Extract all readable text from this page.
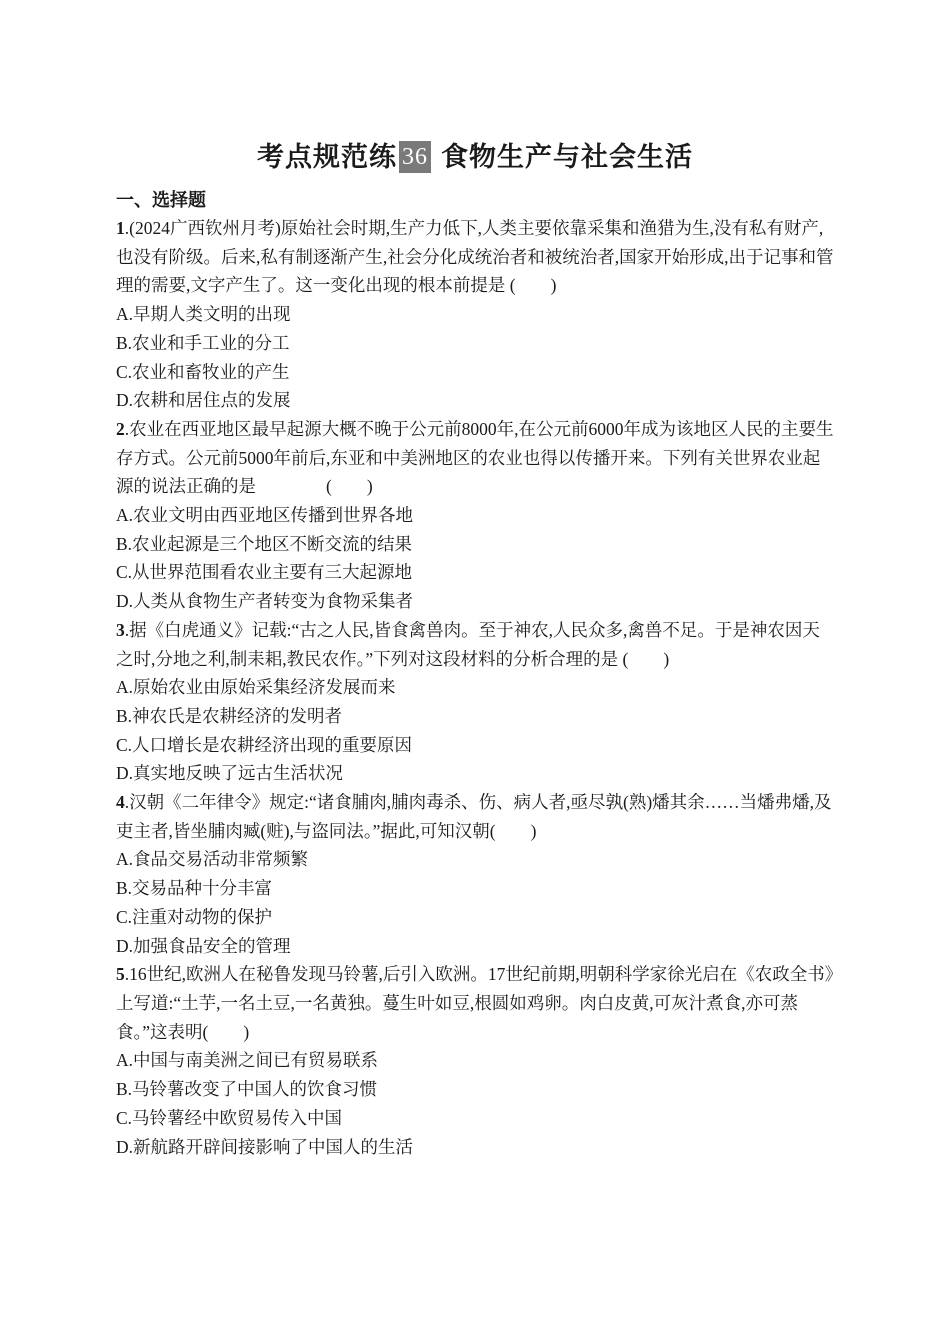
考点规范练 36 食物生产与社会生活
一、选择题

1.(2024广西钦州月考)原始社会时期,生产力低下,人类主要依靠采集和渔猎为生,没有私有财产,也没有阶级。后来,私有制逐渐产生,社会分化成统治者和被统治者,国家开始形成,出于记事和管理的需要,文字产生了。这一变化出现的根本前提是 (　　)

A.早期人类文明的出现

B.农业和手工业的分工

C.农业和畜牧业的产生

D.农耕和居住点的发展

2.农业在西亚地区最早起源大概不晚于公元前8000年,在公元前6000年成为该地区人民的主要生存方式。公元前5000年前后,东亚和中美洲地区的农业也得以传播开来。下列有关世界农业起源的说法正确的是　　　　(　　)

A.农业文明由西亚地区传播到世界各地

B.农业起源是三个地区不断交流的结果

C.从世界范围看农业主要有三大起源地

D.人类从食物生产者转变为食物采集者

3.据《白虎通义》记载:“古之人民,皆食禽兽肉。至于神农,人民众多,禽兽不足。于是神农因天之时,分地之利,制耒耜,教民农作。”下列对这段材料的分析合理的是 (　　)

A.原始农业由原始采集经济发展而来

B.神农氏是农耕经济的发明者

C.人口增长是农耕经济出现的重要原因

D.真实地反映了远古生活状况

4.汉朝《二年律令》规定:“诸食脯肉,脯肉毒杀、伤、病人者,亟尽孰(熟)燔其余……当燔弗燔,及吏主者,皆坐脯肉臧(赃),与盗同法。”据此,可知汉朝(　　)

A.食品交易活动非常频繁

B.交易品种十分丰富

C.注重对动物的保护

D.加强食品安全的管理

5.16世纪,欧洲人在秘鲁发现马铃薯,后引入欧洲。17世纪前期,明朝科学家徐光启在《农政全书》上写道:“土芋,一名土豆,一名黄独。蔓生叶如豆,根圆如鸡卵。肉白皮黄,可灰汁煮食,亦可蒸食。”这表明(　　)

A.中国与南美洲之间已有贸易联系

B.马铃薯改变了中国人的饮食习惯

C.马铃薯经中欧贸易传入中国

D.新航路开辟间接影响了中国人的生活
